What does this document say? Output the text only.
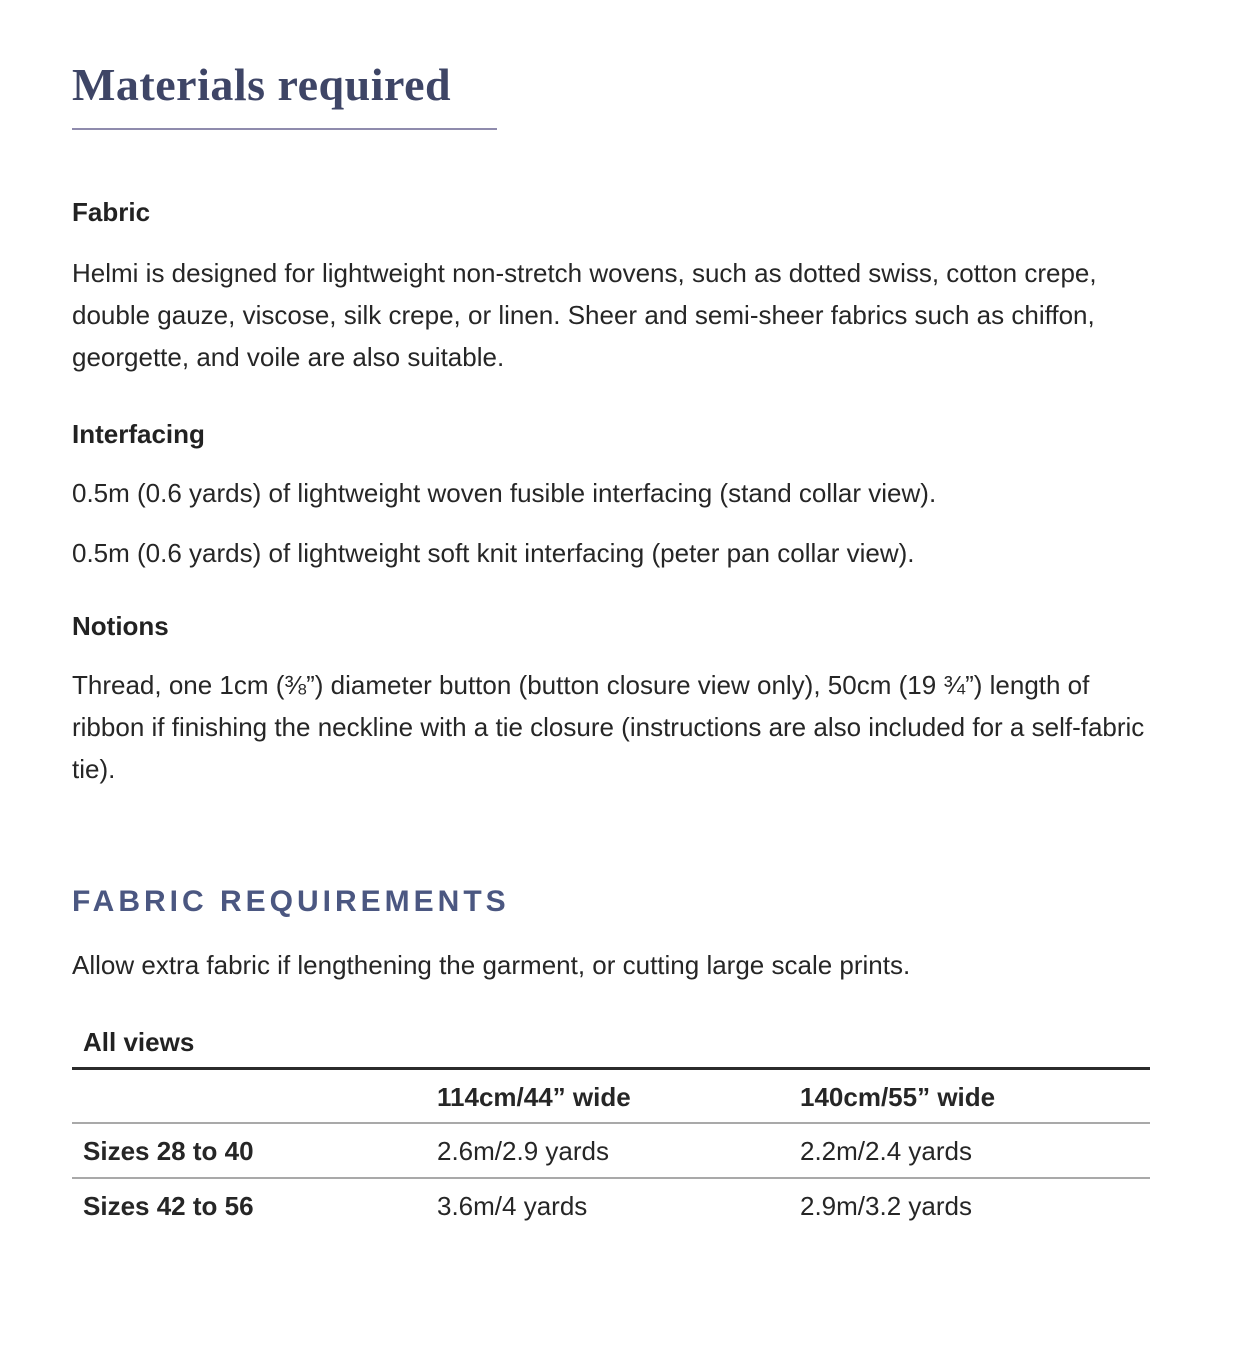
Materials required
Fabric

Helmi is designed for lightweight non-stretch wovens, such as dotted swiss, cotton crepe, double gauze, viscose, silk crepe, or linen. Sheer and semi-sheer fabrics such as chiffon, georgette, and voile are also suitable.

Interfacing

0.5m (0.6 yards) of lightweight woven fusible interfacing (stand collar view).

0.5m (0.6 yards) of lightweight soft knit interfacing (peter pan collar view).

Notions

Thread, one 1cm (⅜”) diameter button (button closure view only), 50cm (19 ¾”) length of ribbon if finishing the neckline with a tie closure (instructions are also included for a self-fabric tie).

FABRIC REQUIREMENTS

Allow extra fabric if lengthening the garment, or cutting large scale prints.

All views
	114cm/44” wide	140cm/55” wide
Sizes 28 to 40	2.6m/2.9 yards	2.2m/2.4 yards
Sizes 42 to 56	3.6m/4 yards	2.9m/3.2 yards
